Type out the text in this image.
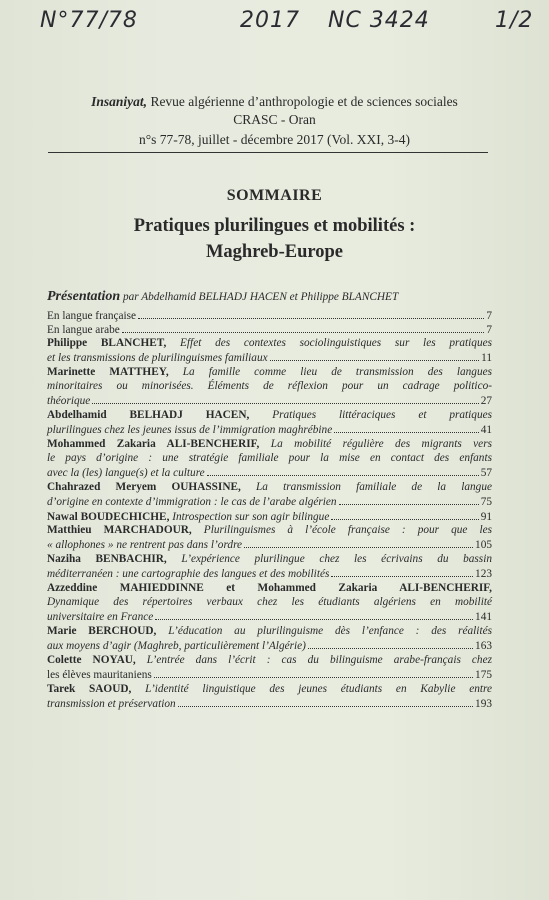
N°77/78	2017 NC 3424	1/2
Insaniyat, Revue algérienne d’anthropologie et de sciences sociales
CRASC - Oran
n°s 77-78, juillet - décembre 2017 (Vol. XXI, 3-4)
SOMMAIRE
Pratiques plurilingues et mobilités :
Maghreb-Europe
Présentation par Abdelhamid BELHADJ HACEN et Philippe BLANCHET
En langue française	7
En langue arabe	7
Philippe BLANCHET, Effet des contextes sociolinguistiques sur les pratiques
et les transmissions de plurilinguismes familiaux	11
Marinette MATTHEY, La famille comme lieu de transmission des langues
minoritaires ou minorisées. Éléments de réflexion pour un cadrage politico-
théorique	27
Abdelhamid BELHADJ HACEN, Pratiques littéraciques et pratiques
plurilingues chez les jeunes issus de l’immigration maghrébine	41
Mohammed Zakaria ALI-BENCHERIF, La mobilité régulière des migrants vers
le pays d’origine : une stratégie familiale pour la mise en contact des enfants
avec la (les) langue(s) et la culture	57
Chahrazed Meryem OUHASSINE, La transmission familiale de la langue
d’origine en contexte d’immigration : le cas de l’arabe algérien	75
Nawal BOUDECHICHE, Introspection sur son agir bilingue	91
Matthieu MARCHADOUR, Plurilinguismes à l’école française : pour que les
« allophones » ne rentrent pas dans l’ordre	105
Naziha BENBACHIR, L’expérience plurilingue chez les écrivains du bassin
méditerranéen : une cartographie des langues et des mobilités	123
Azzeddine MAHIEDDINNE et Mohammed Zakaria ALI-BENCHERIF,
Dynamique des répertoires verbaux chez les étudiants algériens en mobilité
universitaire en France	141
Marie BERCHOUD, L’éducation au plurilinguisme dès l’enfance : des réalités
aux moyens d’agir (Maghreb, particulièrement l’Algérie)	163
Colette NOYAU, L’entrée dans l’écrit : cas du bilinguisme arabe-français chez
les élèves mauritaniens	175
Tarek SAOUD, L’identité linguistique des jeunes étudiants en Kabylie entre
transmission et préservation	193
